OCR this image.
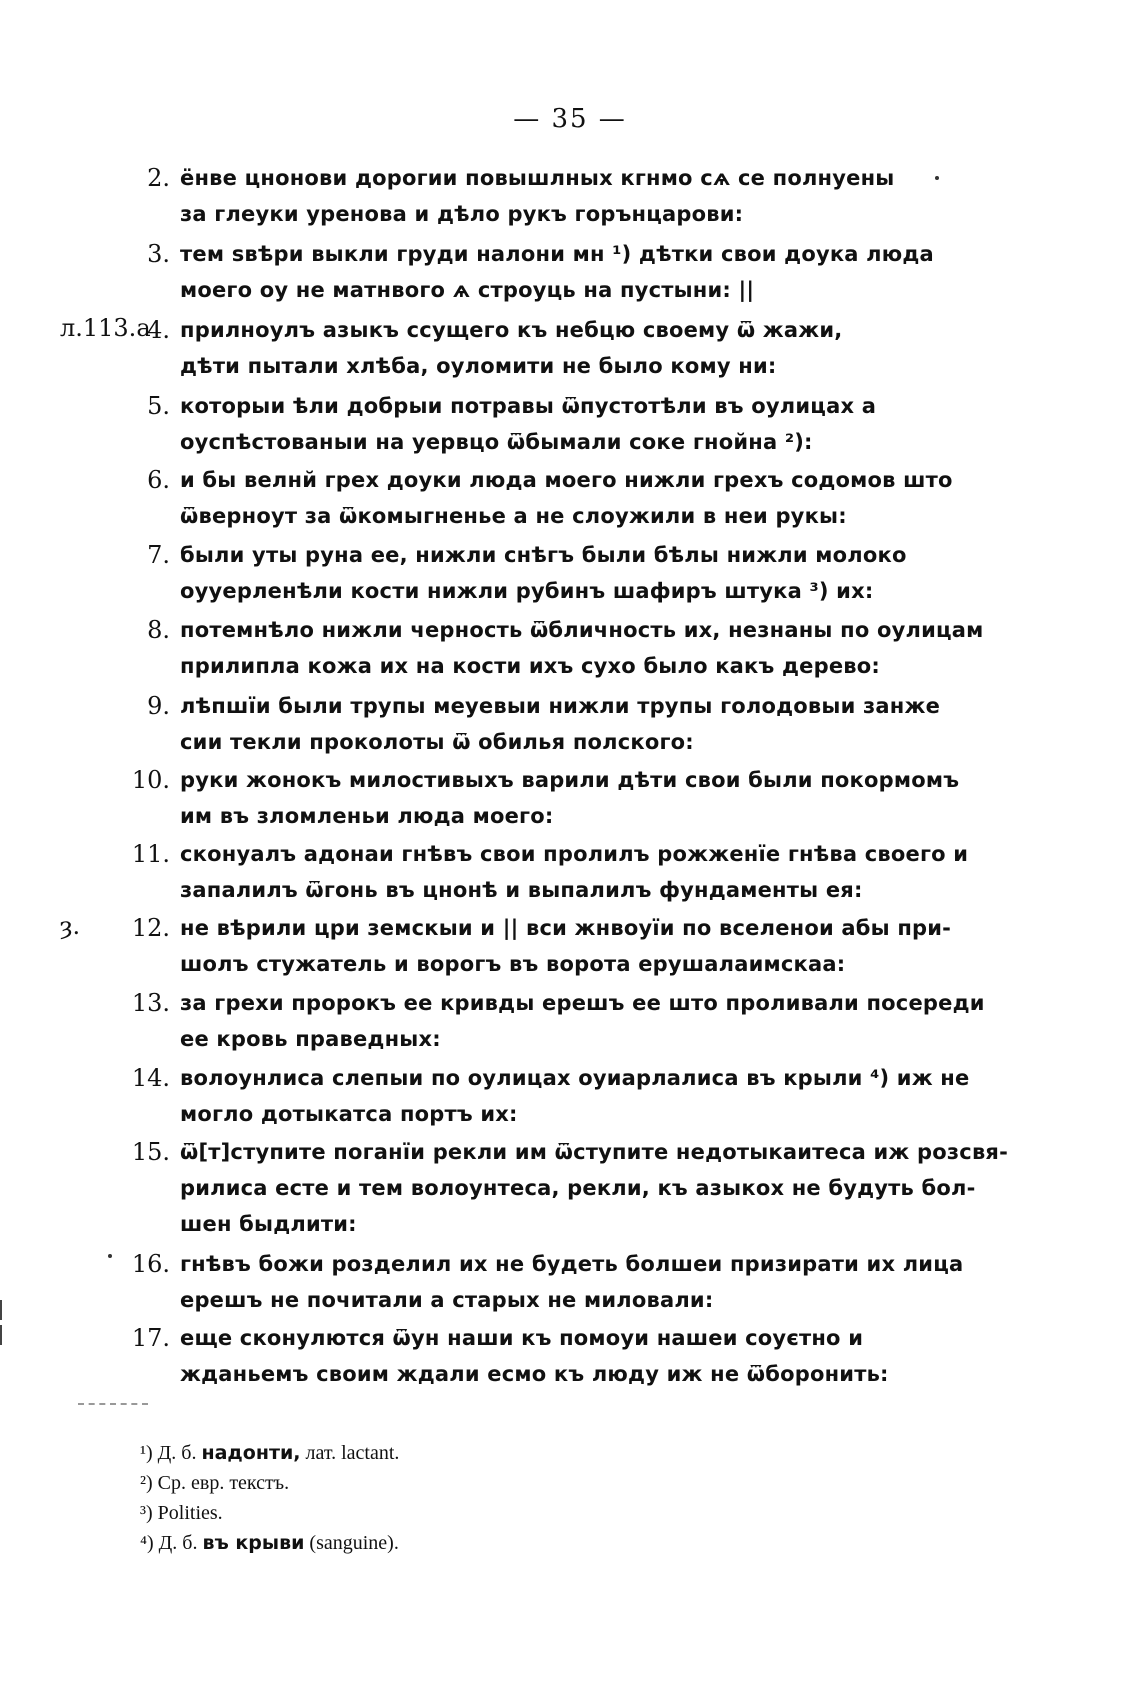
— 35 —
2. ёнве цнонови дорогии повышлных кгнмо сѧ се полнуены
за глеуки уренова и дѣло рукъ горънцарови:
3. тем ѕвѣри выкли груди налони мн ¹) дѣтки свои доука люда
моего оу не матнвого ѧ строуць на пустыни: ||
л.113.а
4. прилноулъ азыкъ ссущего къ небцю своему ѿ жажи,
дѣти пытали хлѣба, оуломити не было кому ни:
5. которыи ѣли добрыи потравы ѿпустотѣли въ оулицах а
оуспѣстованыи на уервцо ѿбымали соке гнойна ²):
6. и бы велнй грех доуки люда моего нижли грехъ содомов што
ѿверноут за ѿкомыгненье а не слоужили в неи рукы:
7. были уты руна ее, нижли снѣгъ были бѣлы нижли молоко
оууерленѣли кости нижли рубинъ шафиръ штука ³) их:
8. потемнѣло нижли черность ѿбличность их, незнаны по оулицам
прилипла кожа их на кости ихъ сухо было какъ дерево:
9. лѣпшїи были трупы меуевыи нижли трупы голодовыи занже
сии текли проколоты ѿ обилья полского:
10. руки жонокъ милостивыхъ варили дѣти свои были покормомъ
им въ зломленьи люда моего:
11. сконуалъ адонаи гнѣвъ свои пролилъ рожженїе гнѣва своего и
запалилъ ѿгонь въ цнонѣ и выпалилъ фундаменты ея:
ȝ.	12. не вѣрили цри земскыи и || вси жнвоуїи по вселенои абы при-
шолъ стужатель и ворогъ въ ворота ерушалаимскаа:
13. за грехи пророкъ ее кривды ерешъ ее што проливали посереди
ее кровь праведных:
14. волоунлиса слепыи по оулицах оуиарлалиса въ крыли ⁴) иж не
могло дотыкатса портъ их:
15. ѿ[т]ступите поганїи рекли им ѿступите недотыкаитеса иж розсвя-
рилиса есте и тем волоунтеса, рекли, къ азыкох не будуть бол-
шен быдлити:
16. гнѣвъ божи розделил их не будеть болшеи призирати их лица
ерешъ не почитали а старых не миловали:
17. еще сконулются ѿун наши къ помоуи нашеи соуєтно и
жданьемъ своим ждали есмо къ люду иж не ѿборонить:
¹) Д. б. надонти, лат. lactant.
²) Ср. евр. текстъ.
³) Polities.
⁴) Д. б. въ крыви (sanguine).
